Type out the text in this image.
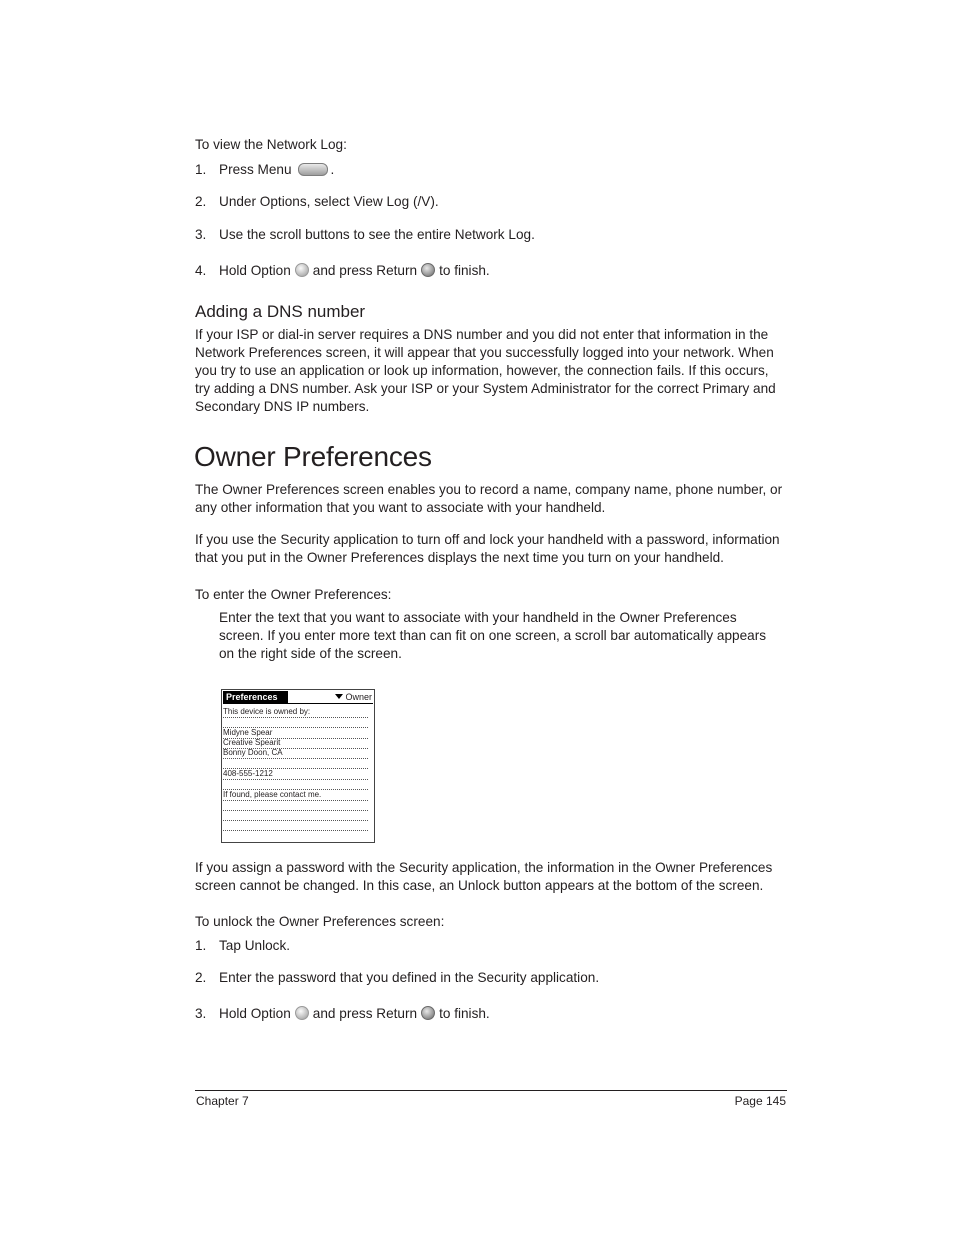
To view the Network Log:
1. Press Menu	.
2. Under Options, select View Log (/V).
3. Use the scroll buttons to see the entire Network Log.
4. Hold Option and press Return to finish.
Adding a DNS number
If your ISP or dial-in server requires a DNS number and you did not enter that information in the
Network Preferences screen, it will appear that you successfully logged into your network. When
you try to use an application or look up information, however, the connection fails. If this occurs,
try adding a DNS number. Ask your ISP or your System Administrator for the correct Primary and
Secondary DNS IP numbers.
Owner Preferences
The Owner Preferences screen enables you to record a name, company name, phone number, or
any other information that you want to associate with your handheld.
If you use the Security application to turn off and lock your handheld with a password, information
that you put in the Owner Preferences displays the next time you turn on your handheld.
To enter the Owner Preferences:
Enter the text that you want to associate with your handheld in the Owner Preferences
screen. If you enter more text than can fit on one screen, a scroll bar automatically appears
on the right side of the screen.
Preferences	Owner
This device is owned by:
Midyne Spear
Creative Spearit
Bonny Doon, CA
408-555-1212
If found, please contact me.
If you assign a password with the Security application, the information in the Owner Preferences
screen cannot be changed. In this case, an Unlock button appears at the bottom of the screen.
To unlock the Owner Preferences screen:
1. Tap Unlock.
2. Enter the password that you defined in the Security application.
3. Hold Option and press Return to finish.
Chapter 7	Page 145
